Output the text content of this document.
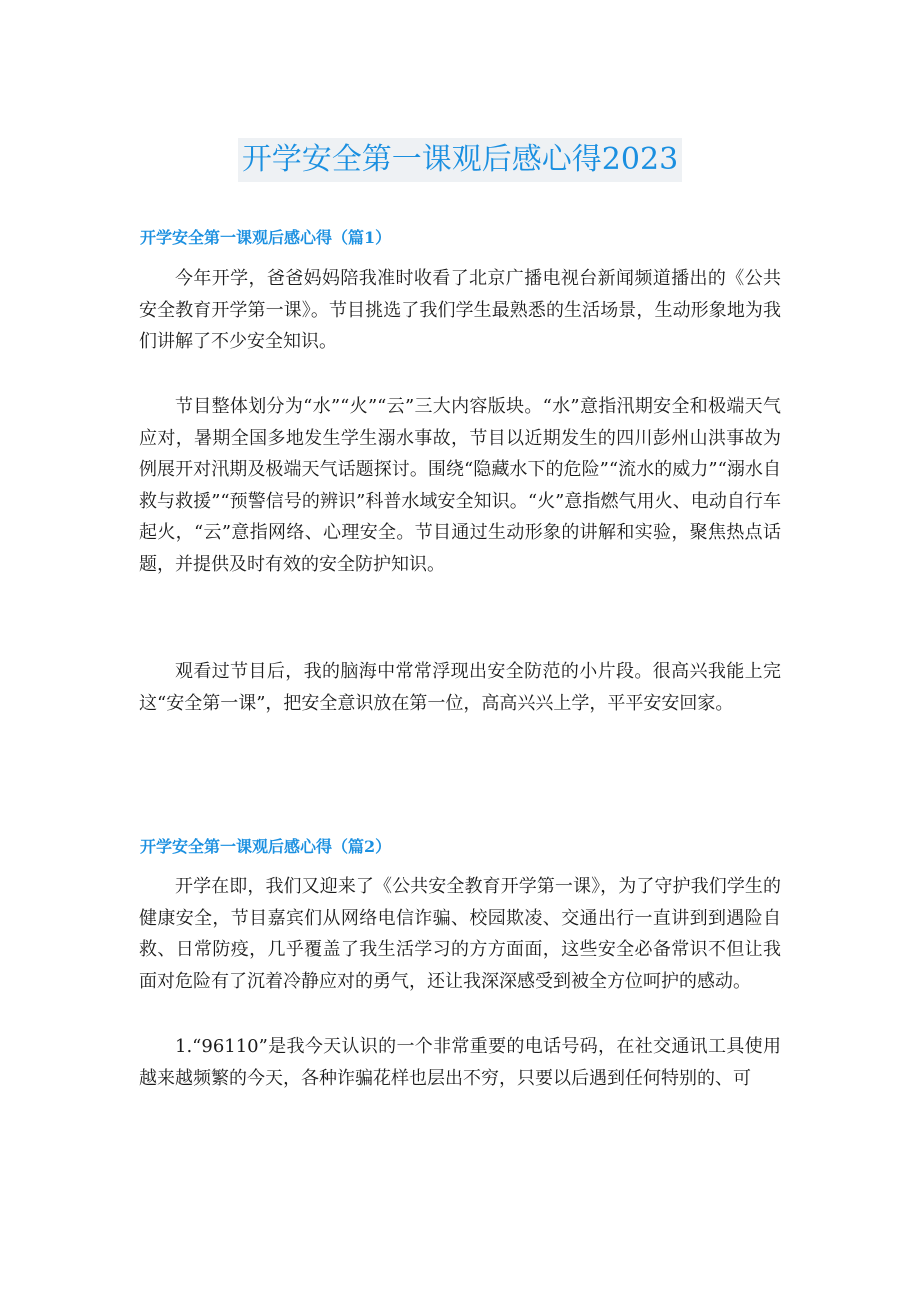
开学安全第一课观后感心得2023
开学安全第一课观后感心得（篇1）

今年开学，爸爸妈妈陪我准时收看了北京广播电视台新闻频道播出的《公共安全教育开学第一课》。节目挑选了我们学生最熟悉的生活场景，生动形象地为我们讲解了不少安全知识。

节目整体划分为“水”“火”“云”三大内容版块。“水”意指汛期安全和极端天气应对，暑期全国多地发生学生溺水事故，节目以近期发生的四川彭州山洪事故为例展开对汛期及极端天气话题探讨。围绕“隐藏水下的危险”“流水的威力”“溺水自救与救援”“预警信号的辨识”科普水域安全知识。“火”意指燃气用火、电动自行车起火，“云”意指网络、心理安全。节目通过生动形象的讲解和实验，聚焦热点话题，并提供及时有效的安全防护知识。

观看过节目后，我的脑海中常常浮现出安全防范的小片段。很高兴我能上完这“安全第一课”，把安全意识放在第一位，高高兴兴上学，平平安安回家。

开学安全第一课观后感心得（篇2）

开学在即，我们又迎来了《公共安全教育开学第一课》，为了守护我们学生的健康安全，节目嘉宾们从网络电信诈骗、校园欺凌、交通出行一直讲到到遇险自救、日常防疫，几乎覆盖了我生活学习的方方面面，这些安全必备常识不但让我面对危险有了沉着冷静应对的勇气，还让我深深感受到被全方位呵护的感动。

1.“96110”是我今天认识的一个非常重要的电话号码，在社交通讯工具使用越来越频繁的今天，各种诈骗花样也层出不穷，只要以后遇到任何特别的、可
